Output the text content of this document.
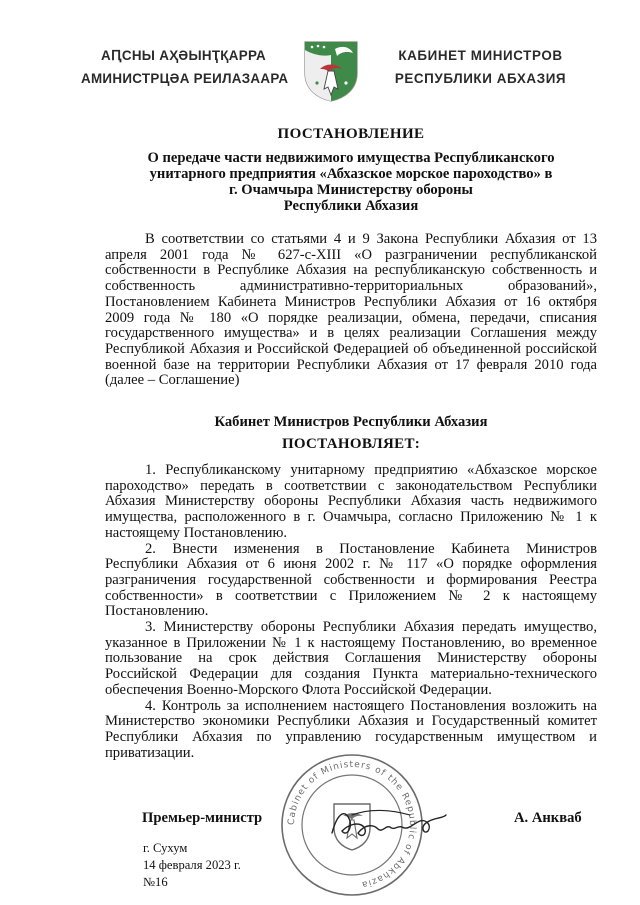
АԤСНЫ АҲӘЫНҬҚАРРА
АМИНИСТРЦӘА РЕИЛАЗААРА
КАБИНЕТ МИНИСТРОВ
РЕСПУБЛИКИ АБХАЗИЯ
ПОСТАНОВЛЕНИЕ
О передаче части недвижимого имущества Республиканского
унитарного предприятия «Абхазское морское пароходство» в
г. Очамчыра Министерству обороны
Республики Абхазия
В соответствии со статьями 4 и 9 Закона Республики Абхазия от 13 апреля 2001 года № 627-с-XIII «О разграничении республиканской собственности в Республике Абхазия на республиканскую собственность и собственность административно-территориальных образований», Постановлением Кабинета Министров Республики Абхазия от 16 октября 2009 года № 180 «О порядке реализации, обмена, передачи, списания государственного имущества» и в целях реализации Соглашения между Республикой Абхазия и Российской Федерацией об объединенной российской военной базе на территории Республики Абхазия от 17 февраля 2010 года (далее – Соглашение)
Кабинет Министров Республики Абхазия
ПОСТАНОВЛЯЕТ:

1. Республиканскому унитарному предприятию «Абхазское морское пароходство» передать в соответствии с законодательством Республики Абхазия Министерству обороны Республики Абхазия часть недвижимого имущества, расположенного в г. Очамчыра, согласно Приложению № 1 к настоящему Постановлению.

2. Внести изменения в Постановление Кабинета Министров Республики Абхазия от 6 июня 2002 г. № 117 «О порядке оформления разграничения государственной собственности и формирования Реестра собственности» в соответствии с Приложением № 2 к настоящему Постановлению.

3. Министерству обороны Республики Абхазия передать имущество, указанное в Приложении № 1 к настоящему Постановлению, во временное пользование на срок действия Соглашения Министерству обороны Российской Федерации для создания Пункта материально-технического обеспечения Военно-Морского Флота Российской Федерации.

4. Контроль за исполнением настоящего Постановления возложить на Министерство экономики Республики Абхазия и Государственный комитет Республики Абхазия по управлению государственным имуществом и приватизации.

Cabinet of Ministers of the Republic of Abkhazia
Премьер-министр	А. Анкваб
г. Сухум
14 февраля 2023 г.
№16
